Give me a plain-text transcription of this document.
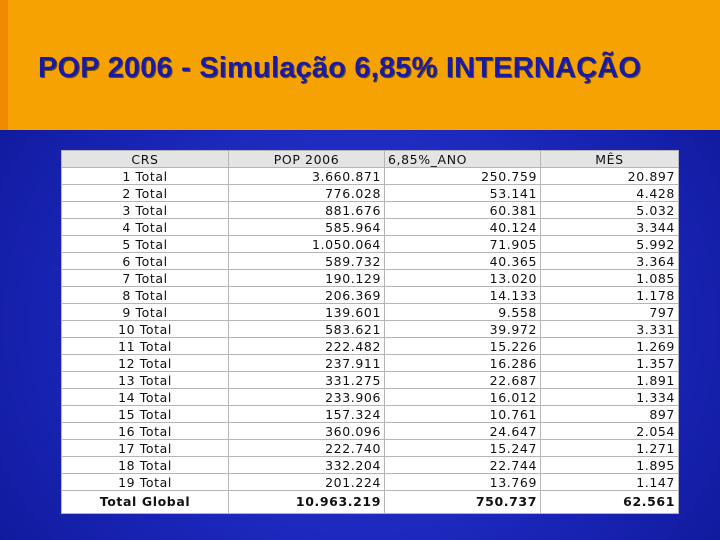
POP 2006 - Simulação 6,85% INTERNAÇÃO
CRS	POP 2006	6,85%_ANO	MÊS
1 Total	3.660.871	250.759	20.897
2 Total	776.028	53.141	4.428
3 Total	881.676	60.381	5.032
4 Total	585.964	40.124	3.344
5 Total	1.050.064	71.905	5.992
6 Total	589.732	40.365	3.364
7 Total	190.129	13.020	1.085
8 Total	206.369	14.133	1.178
9 Total	139.601	9.558	797
10 Total	583.621	39.972	3.331
11 Total	222.482	15.226	1.269
12 Total	237.911	16.286	1.357
13 Total	331.275	22.687	1.891
14 Total	233.906	16.012	1.334
15 Total	157.324	10.761	897
16 Total	360.096	24.647	2.054
17 Total	222.740	15.247	1.271
18 Total	332.204	22.744	1.895
19 Total	201.224	13.769	1.147
Total Global	10.963.219	750.737	62.561
